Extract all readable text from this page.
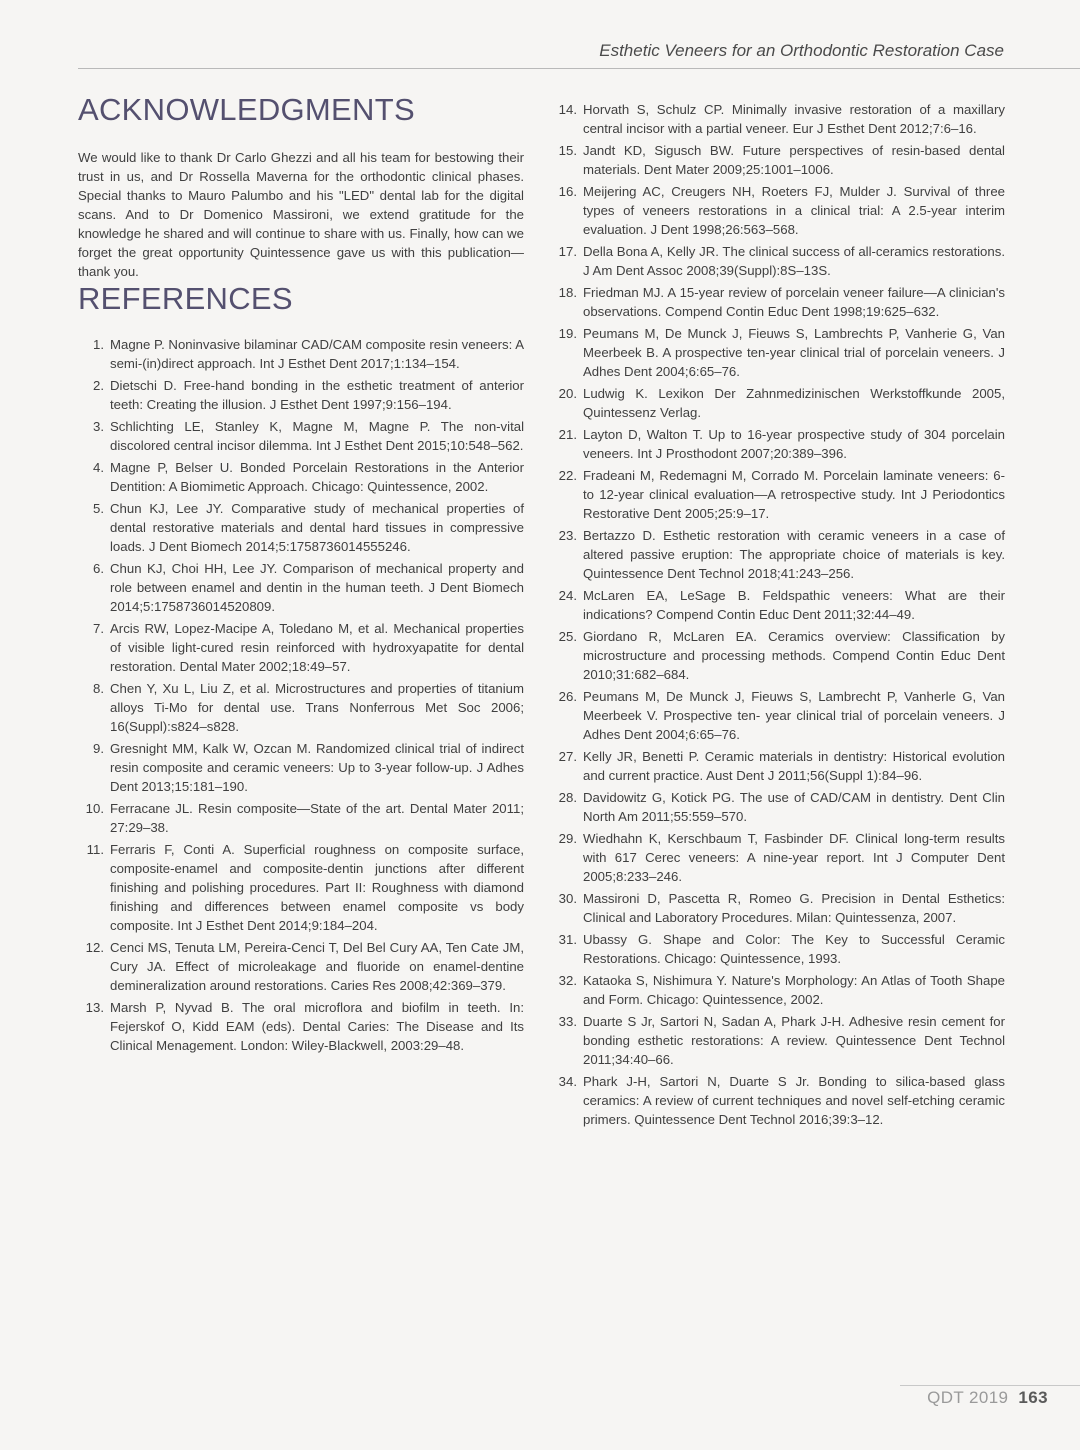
Esthetic Veneers for an Orthodontic Restoration Case
ACKNOWLEDGMENTS

We would like to thank Dr Carlo Ghezzi and all his team for bestowing their trust in us, and Dr Rossella Maverna for the orthodontic clinical phases. Special thanks to Mauro Palumbo and his "LED" dental lab for the digital scans. And to Dr Domenico Massironi, we extend gratitude for the knowledge he shared and will continue to share with us. Finally, how can we forget the great opportunity Quintessence gave us with this publication—thank you.

REFERENCES
1. Magne P. Noninvasive bilaminar CAD/CAM composite resin veneers: A semi-(in)direct approach. Int J Esthet Dent 2017;1:134–154.
2. Dietschi D. Free-hand bonding in the esthetic treatment of anterior teeth: Creating the illusion. J Esthet Dent 1997;9:156–194.
3. Schlichting LE, Stanley K, Magne M, Magne P. The non-vital discolored central incisor dilemma. Int J Esthet Dent 2015;10:548–562.
4. Magne P, Belser U. Bonded Porcelain Restorations in the Anterior Dentition: A Biomimetic Approach. Chicago: Quintessence, 2002.
5. Chun KJ, Lee JY. Comparative study of mechanical properties of dental restorative materials and dental hard tissues in compressive loads. J Dent Biomech 2014;5:1758736014555246.
6. Chun KJ, Choi HH, Lee JY. Comparison of mechanical property and role between enamel and dentin in the human teeth. J Dent Biomech 2014;5:1758736014520809.
7. Arcis RW, Lopez-Macipe A, Toledano M, et al. Mechanical properties of visible light-cured resin reinforced with hydroxyapatite for dental restoration. Dental Mater 2002;18:49–57.
8. Chen Y, Xu L, Liu Z, et al. Microstructures and properties of titanium alloys Ti-Mo for dental use. Trans Nonferrous Met Soc 2006; 16(Suppl):s824–s828.
9. Gresnight MM, Kalk W, Ozcan M. Randomized clinical trial of indirect resin composite and ceramic veneers: Up to 3-year follow-up. J Adhes Dent 2013;15:181–190.
10. Ferracane JL. Resin composite—State of the art. Dental Mater 2011; 27:29–38.
11. Ferraris F, Conti A. Superficial roughness on composite surface, composite-enamel and composite-dentin junctions after different finishing and polishing procedures. Part II: Roughness with diamond finishing and differences between enamel composite vs body composite. Int J Esthet Dent 2014;9:184–204.
12. Cenci MS, Tenuta LM, Pereira-Cenci T, Del Bel Cury AA, Ten Cate JM, Cury JA. Effect of microleakage and fluoride on enamel-dentine demineralization around restorations. Caries Res 2008;42:369–379.
13. Marsh P, Nyvad B. The oral microflora and biofilm in teeth. In: Fejerskof O, Kidd EAM (eds). Dental Caries: The Disease and Its Clinical Menagement. London: Wiley-Blackwell, 2003:29–48.
14. Horvath S, Schulz CP. Minimally invasive restoration of a maxillary central incisor with a partial veneer. Eur J Esthet Dent 2012;7:6–16.
15. Jandt KD, Sigusch BW. Future perspectives of resin-based dental materials. Dent Mater 2009;25:1001–1006.
16. Meijering AC, Creugers NH, Roeters FJ, Mulder J. Survival of three types of veneers restorations in a clinical trial: A 2.5-year interim evaluation. J Dent 1998;26:563–568.
17. Della Bona A, Kelly JR. The clinical success of all-ceramics restorations. J Am Dent Assoc 2008;39(Suppl):8S–13S.
18. Friedman MJ. A 15-year review of porcelain veneer failure—A clinician's observations. Compend Contin Educ Dent 1998;19:625–632.
19. Peumans M, De Munck J, Fieuws S, Lambrechts P, Vanherie G, Van Meerbeek B. A prospective ten-year clinical trial of porcelain veneers. J Adhes Dent 2004;6:65–76.
20. Ludwig K. Lexikon Der Zahnmedizinischen Werkstoffkunde 2005, Quintessenz Verlag.
21. Layton D, Walton T. Up to 16-year prospective study of 304 porcelain veneers. Int J Prosthodont 2007;20:389–396.
22. Fradeani M, Redemagni M, Corrado M. Porcelain laminate veneers: 6- to 12-year clinical evaluation—A retrospective study. Int J Periodontics Restorative Dent 2005;25:9–17.
23. Bertazzo D. Esthetic restoration with ceramic veneers in a case of altered passive eruption: The appropriate choice of materials is key. Quintessence Dent Technol 2018;41:243–256.
24. McLaren EA, LeSage B. Feldspathic veneers: What are their indications? Compend Contin Educ Dent 2011;32:44–49.
25. Giordano R, McLaren EA. Ceramics overview: Classification by microstructure and processing methods. Compend Contin Educ Dent 2010;31:682–684.
26. Peumans M, De Munck J, Fieuws S, Lambrecht P, Vanherle G, Van Meerbeek V. Prospective ten- year clinical trial of porcelain veneers. J Adhes Dent 2004;6:65–76.
27. Kelly JR, Benetti P. Ceramic materials in dentistry: Historical evolution and current practice. Aust Dent J 2011;56(Suppl 1):84–96.
28. Davidowitz G, Kotick PG. The use of CAD/CAM in dentistry. Dent Clin North Am 2011;55:559–570.
29. Wiedhahn K, Kerschbaum T, Fasbinder DF. Clinical long-term results with 617 Cerec veneers: A nine-year report. Int J Computer Dent 2005;8:233–246.
30. Massironi D, Pascetta R, Romeo G. Precision in Dental Esthetics: Clinical and Laboratory Procedures. Milan: Quintessenza, 2007.
31. Ubassy G. Shape and Color: The Key to Successful Ceramic Restorations. Chicago: Quintessence, 1993.
32. Kataoka S, Nishimura Y. Nature's Morphology: An Atlas of Tooth Shape and Form. Chicago: Quintessence, 2002.
33. Duarte S Jr, Sartori N, Sadan A, Phark J-H. Adhesive resin cement for bonding esthetic restorations: A review. Quintessence Dent Technol 2011;34:40–66.
34. Phark J-H, Sartori N, Duarte S Jr. Bonding to silica-based glass ceramics: A review of current techniques and novel self-etching ceramic primers. Quintessence Dent Technol 2016;39:3–12.
QDT 2019 163
